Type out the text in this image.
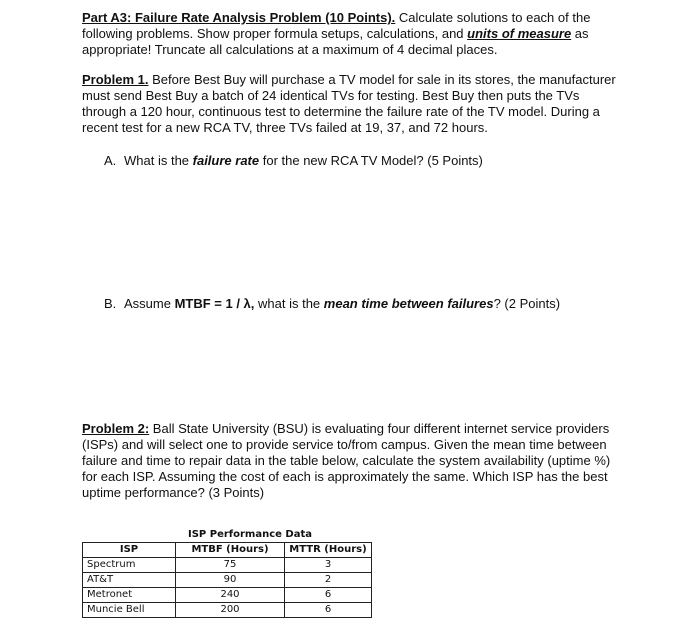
Part A3: Failure Rate Analysis Problem (10 Points). Calculate solutions to each of the following problems. Show proper formula setups, calculations, and units of measure as appropriate! Truncate all calculations at a maximum of 4 decimal places.
Problem 1. Before Best Buy will purchase a TV model for sale in its stores, the manufacturer must send Best Buy a batch of 24 identical TVs for testing. Best Buy then puts the TVs through a 120 hour, continuous test to determine the failure rate of the TV model. During a recent test for a new RCA TV, three TVs failed at 19, 37, and 72 hours.
A. What is the failure rate for the new RCA TV Model? (5 Points)
B. Assume MTBF = 1 / λ, what is the mean time between failures? (2 Points)
Problem 2: Ball State University (BSU) is evaluating four different internet service providers (ISPs) and will select one to provide service to/from campus. Given the mean time between failure and time to repair data in the table below, calculate the system availability (uptime %) for each ISP. Assuming the cost of each is approximately the same. Which ISP has the best uptime performance? (3 Points)
ISP Performance Data		
ISP	MTBF (Hours)	MTTR (Hours)
Spectrum	75	3
AT&T	90	2
Metronet	240	6
Muncie Bell	200	6
